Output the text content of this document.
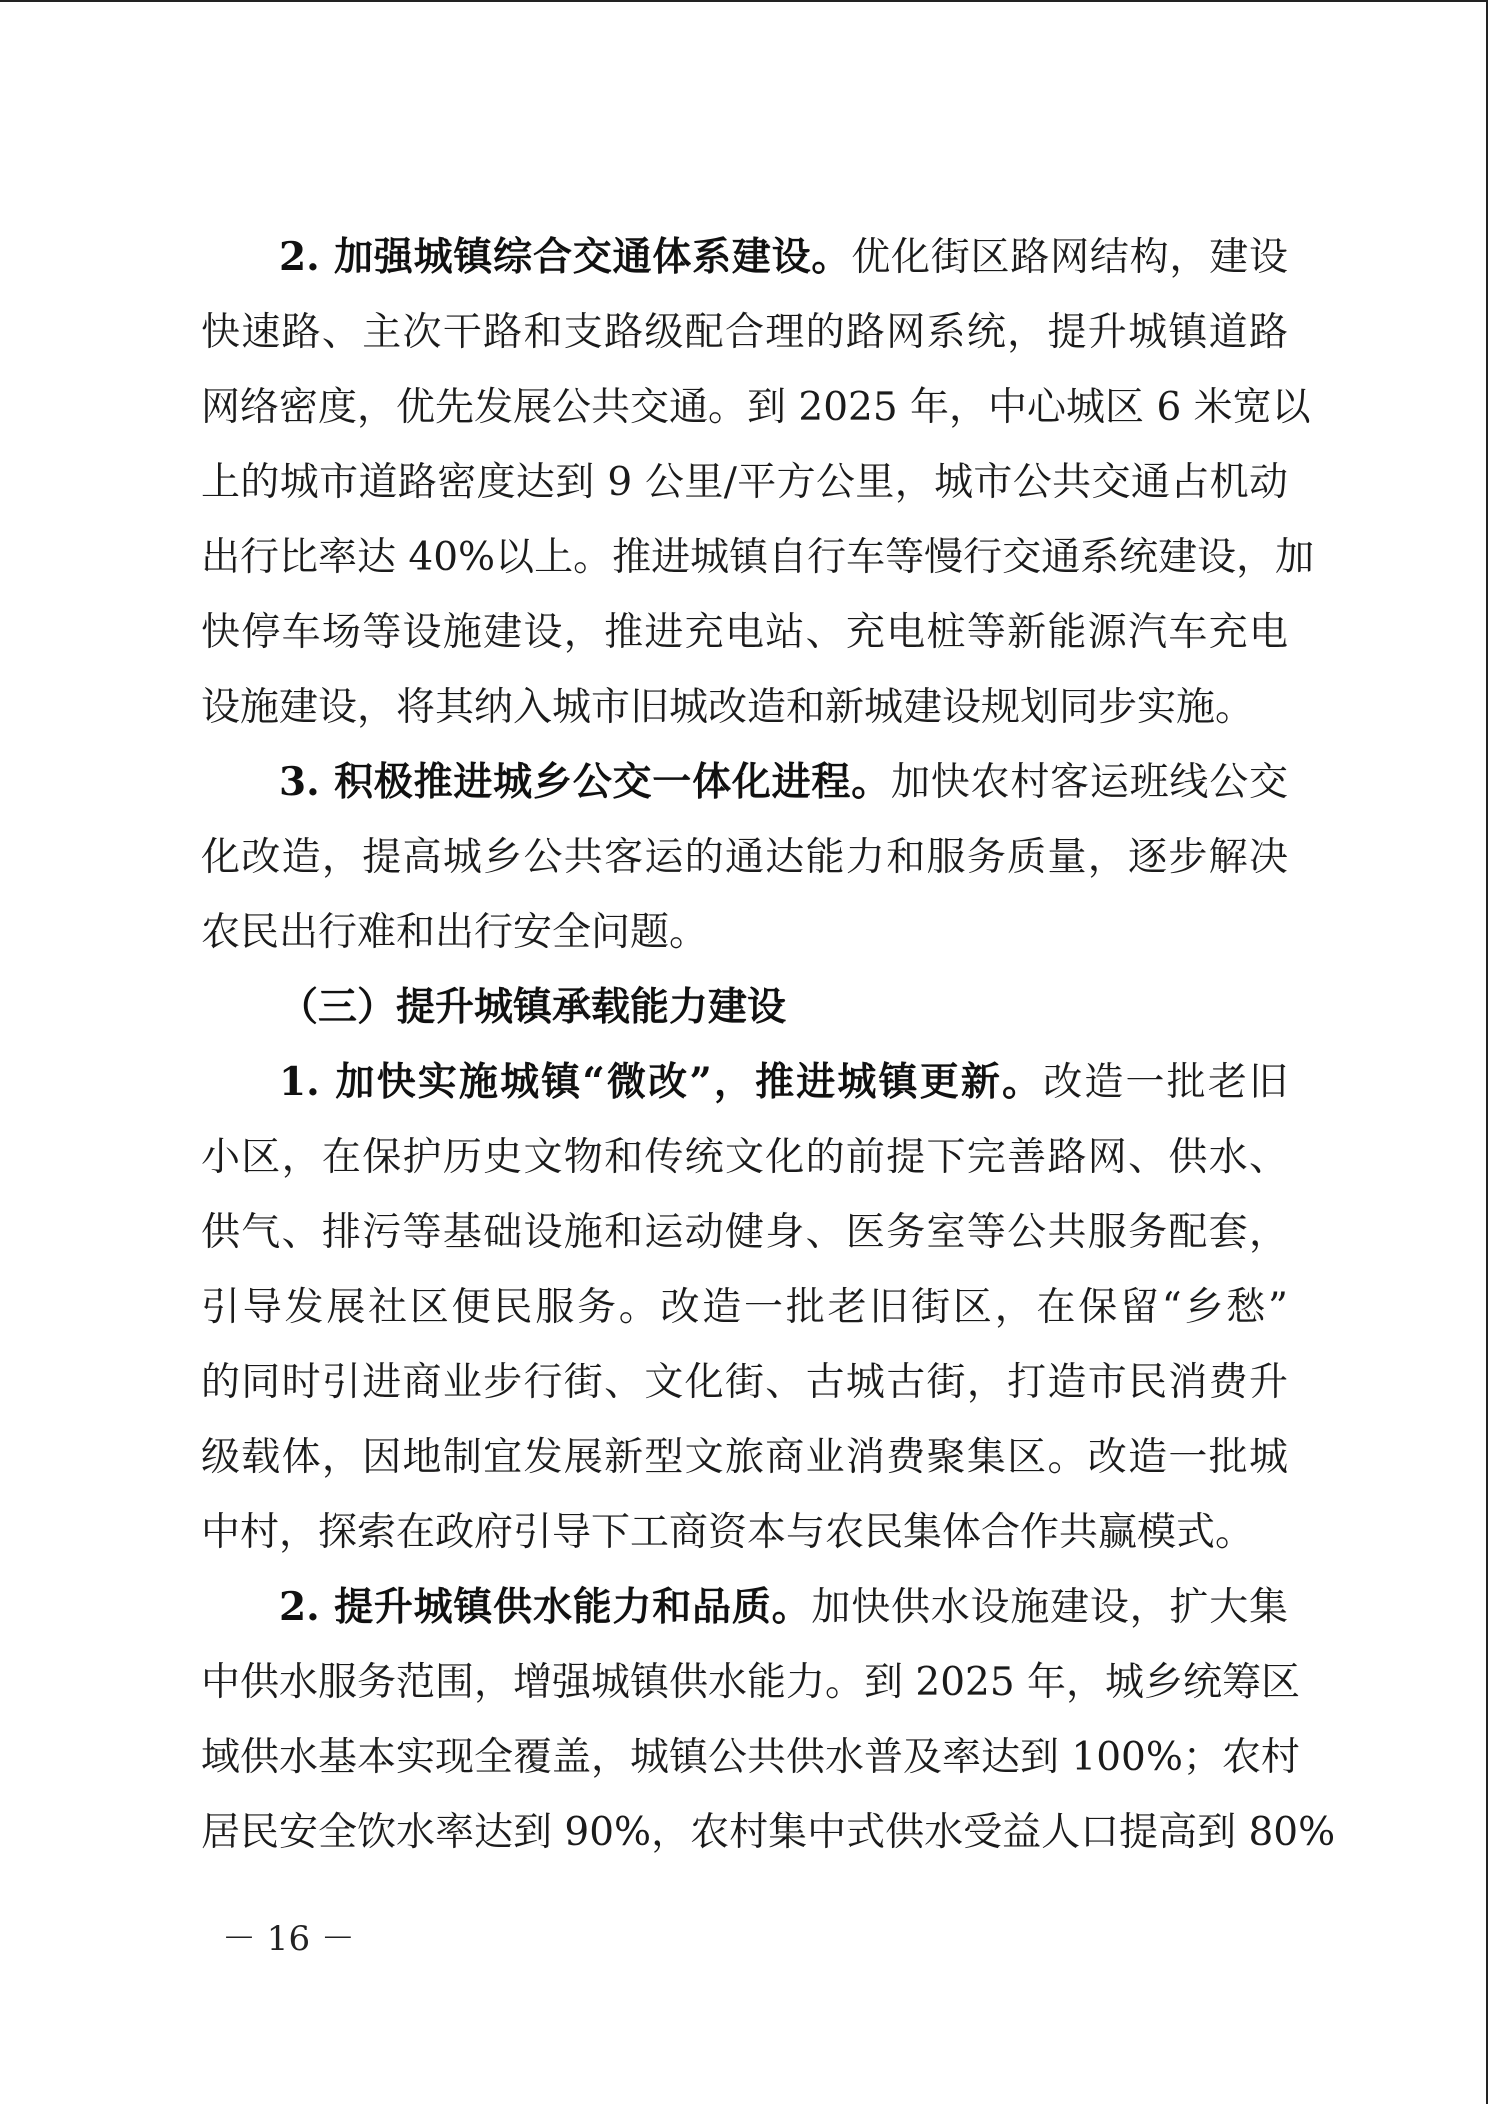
2. 加强城镇综合交通体系建设。优化街区路网结构，建设
快速路、主次干路和支路级配合理的路网系统，提升城镇道路
网络密度，优先发展公共交通。到 2025 年，中心城区 6 米宽以
上的城市道路密度达到 9 公里/平方公里，城市公共交通占机动
出行比率达 40%以上。推进城镇自行车等慢行交通系统建设，加
快停车场等设施建设，推进充电站、充电桩等新能源汽车充电
设施建设，将其纳入城市旧城改造和新城建设规划同步实施。
3. 积极推进城乡公交一体化进程。加快农村客运班线公交
化改造，提高城乡公共客运的通达能力和服务质量，逐步解决
农民出行难和出行安全问题。
（三）提升城镇承载能力建设
1. 加快实施城镇“微改”，推进城镇更新。改造一批老旧
小区，在保护历史文物和传统文化的前提下完善路网、供水、
供气、排污等基础设施和运动健身、医务室等公共服务配套，
引导发展社区便民服务。改造一批老旧街区，在保留“乡愁”
的同时引进商业步行街、文化街、古城古街，打造市民消费升
级载体，因地制宜发展新型文旅商业消费聚集区。改造一批城
中村，探索在政府引导下工商资本与农民集体合作共赢模式。
2. 提升城镇供水能力和品质。加快供水设施建设，扩大集
中供水服务范围，增强城镇供水能力。到 2025 年，城乡统筹区
域供水基本实现全覆盖，城镇公共供水普及率达到 100%；农村
居民安全饮水率达到 90%，农村集中式供水受益人口提高到 80%
－ 16 －
